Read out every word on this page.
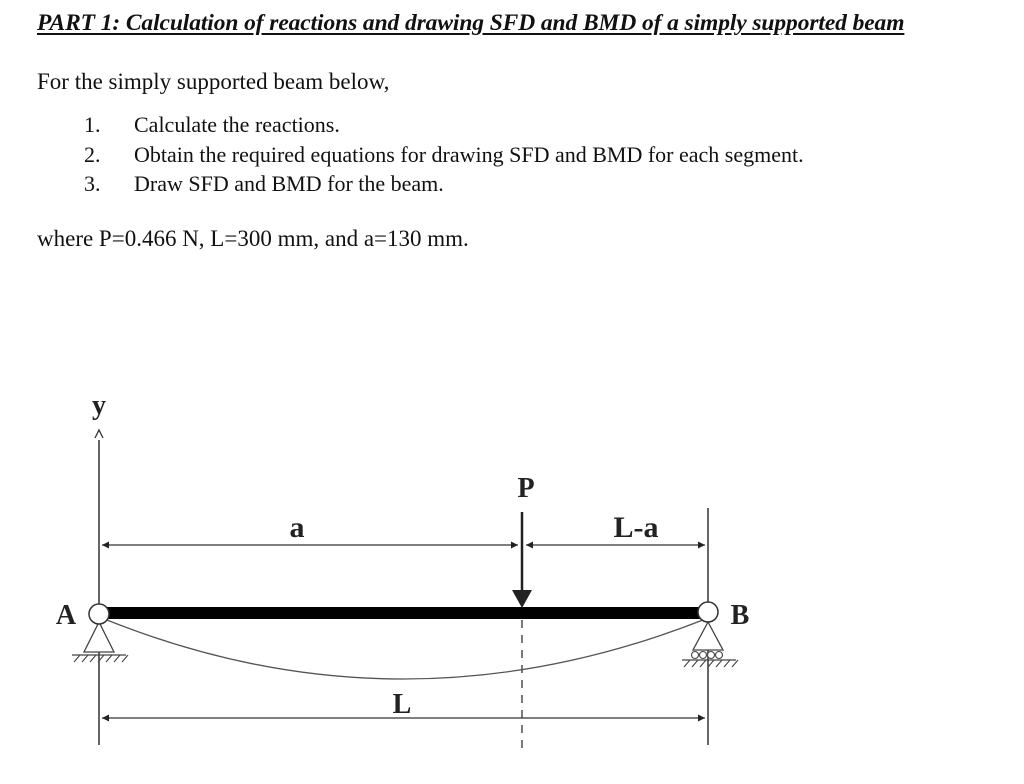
PART 1: Calculation of reactions and drawing SFD and BMD of a simply supported beam
For the simply supported beam below,
1. Calculate the reactions.
2. Obtain the required equations for drawing SFD and BMD for each segment.
3. Draw SFD and BMD for the beam.
where P=0.466 N, L=300 mm, and a=130 mm.
y
a	L-a
P
L
A	B
